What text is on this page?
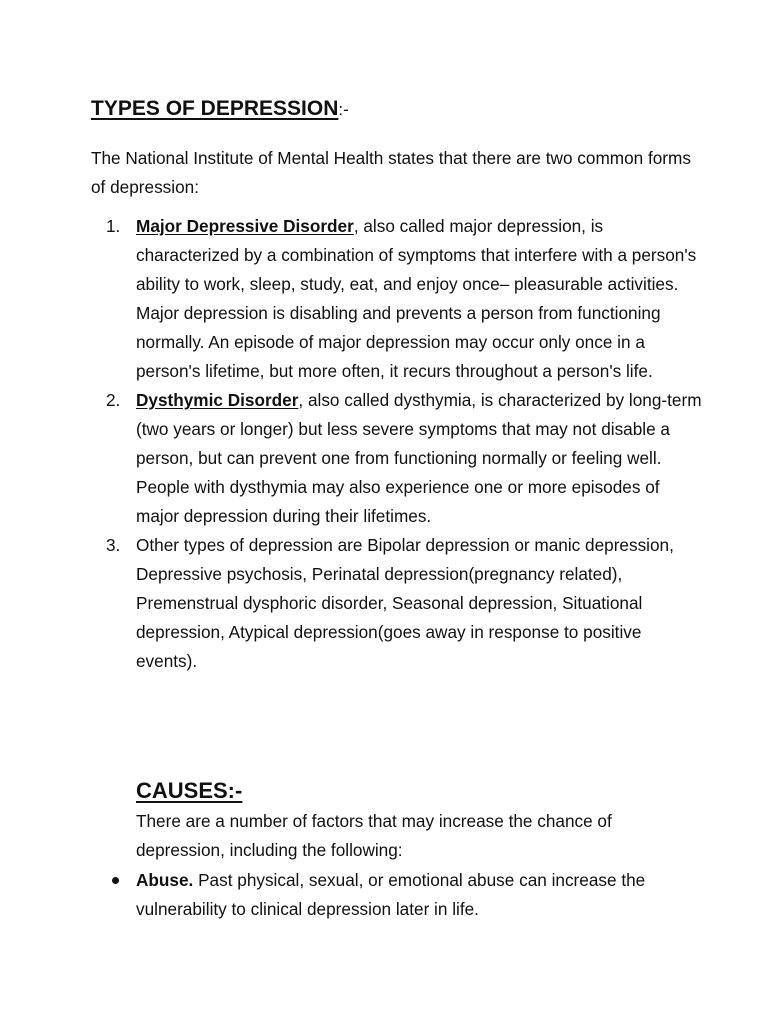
TYPES OF DEPRESSION:-
The National Institute of Mental Health states that there are two common forms of depression:
1. Major Depressive Disorder, also called major depression, is characterized by a combination of symptoms that interfere with a person's ability to work, sleep, study, eat, and enjoy once– pleasurable activities. Major depression is disabling and prevents a person from functioning normally. An episode of major depression may occur only once in a person's lifetime, but more often, it recurs throughout a person's life.
2. Dysthymic Disorder, also called dysthymia, is characterized by long-term (two years or longer) but less severe symptoms that may not disable a person, but can prevent one from functioning normally or feeling well. People with dysthymia may also experience one or more episodes of major depression during their lifetimes.
3. Other types of depression are Bipolar depression or manic depression, Depressive psychosis, Perinatal depression(pregnancy related), Premenstrual dysphoric disorder, Seasonal depression, Situational depression, Atypical depression(goes away in response to positive events).
CAUSES:-
There are a number of factors that may increase the chance of depression, including the following:
Abuse. Past physical, sexual, or emotional abuse can increase the vulnerability to clinical depression later in life.
